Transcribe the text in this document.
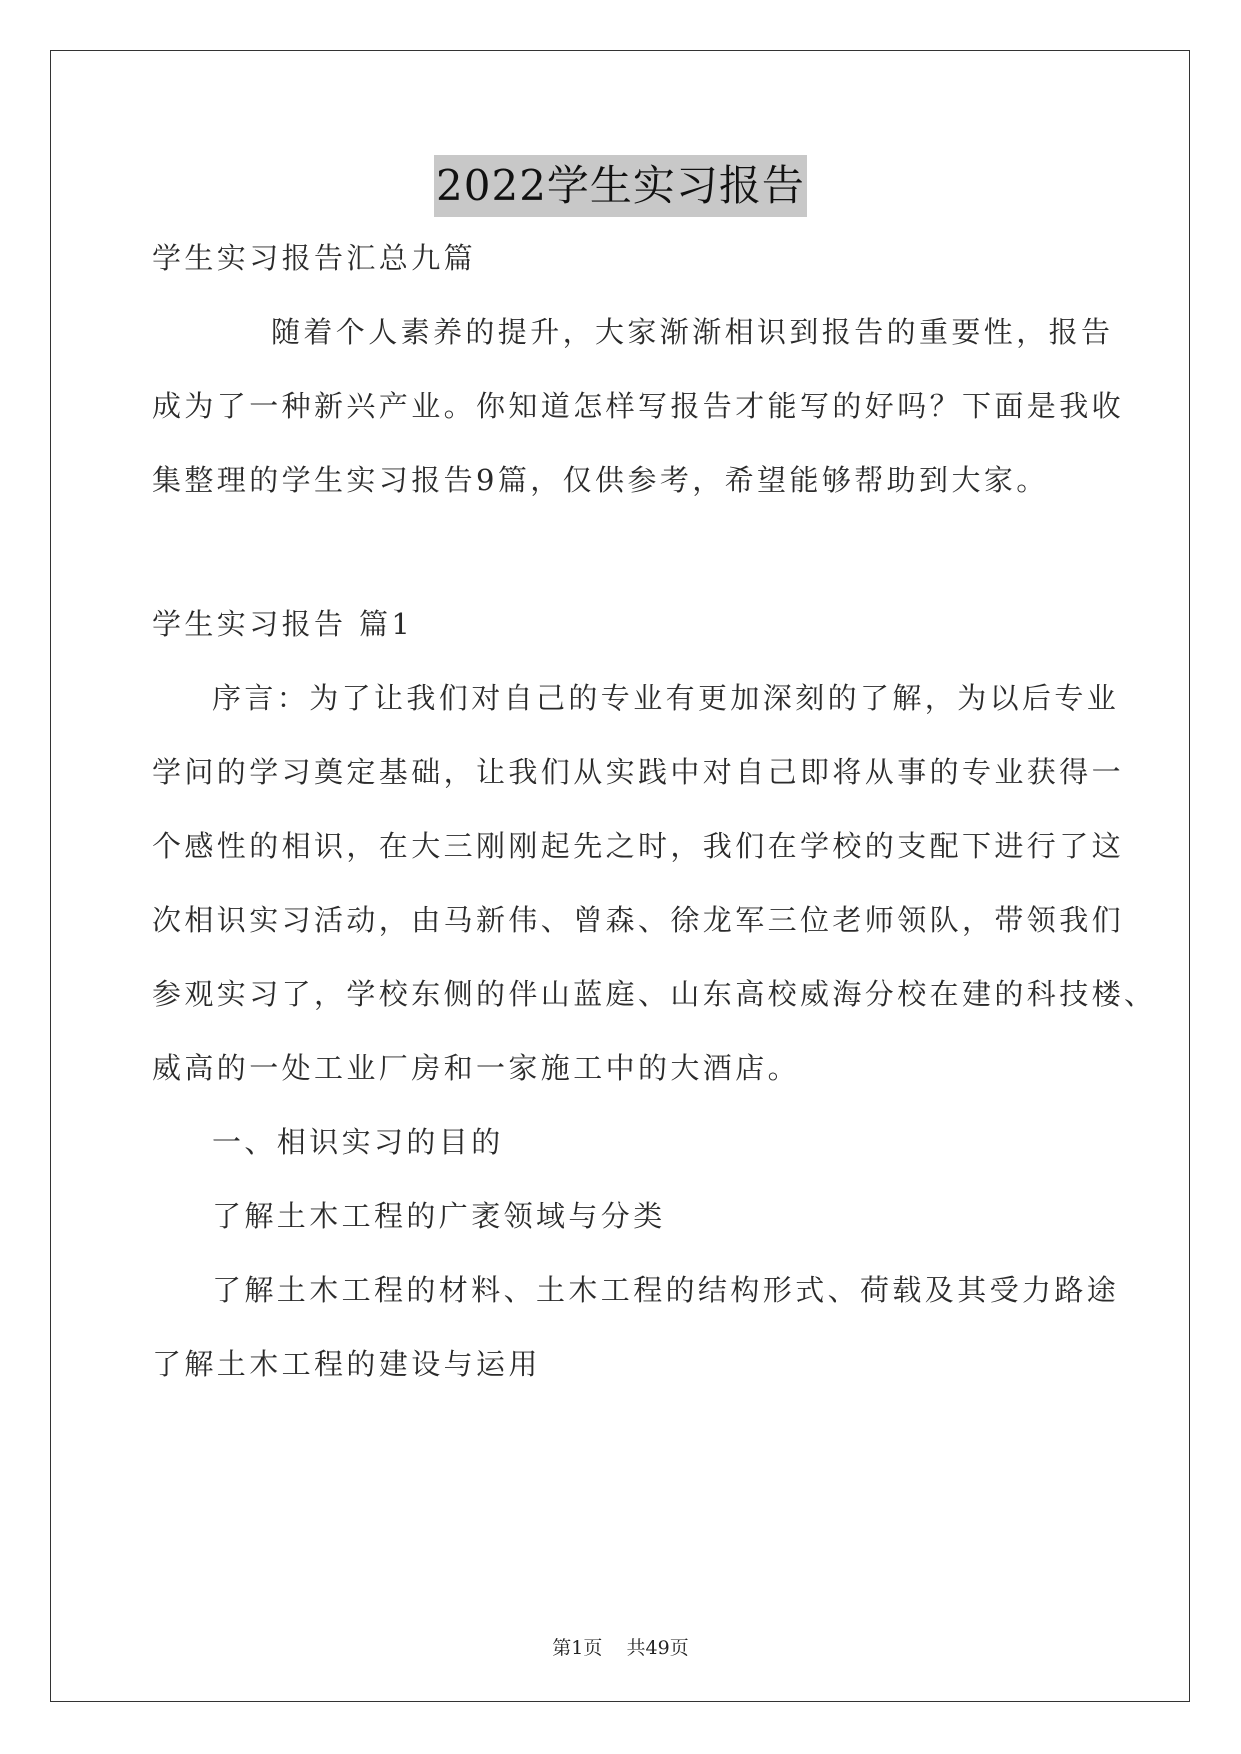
2022学生实习报告
学生实习报告汇总九篇
随着个人素养的提升，大家渐渐相识到报告的重要性，报告
成为了一种新兴产业。你知道怎样写报告才能写的好吗？下面是我收
集整理的学生实习报告9篇，仅供参考，希望能够帮助到大家。
学生实习报告 篇1
序言：为了让我们对自己的专业有更加深刻的了解，为以后专业
学问的学习奠定基础，让我们从实践中对自己即将从事的专业获得一
个感性的相识，在大三刚刚起先之时，我们在学校的支配下进行了这
次相识实习活动，由马新伟、曾森、徐龙军三位老师领队，带领我们
参观实习了，学校东侧的伴山蓝庭、山东高校威海分校在建的科技楼、
威高的一处工业厂房和一家施工中的大酒店。
一、相识实习的目的
了解土木工程的广袤领域与分类
了解土木工程的材料、土木工程的结构形式、荷载及其受力路途
了解土木工程的建设与运用
第1页    共49页
